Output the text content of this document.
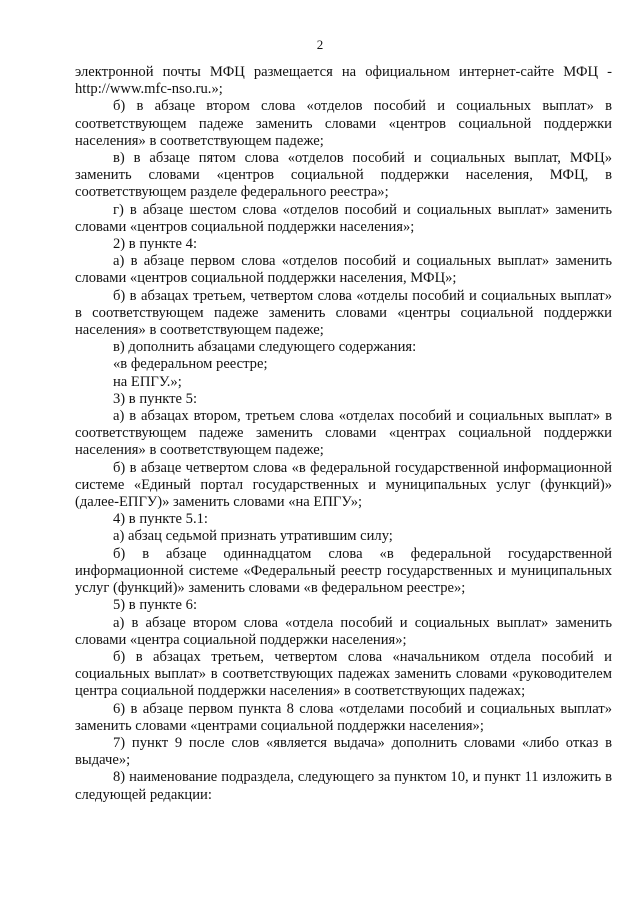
2

электронной почты МФЦ размещается на официальном интернет-сайте МФЦ - http://www.mfc-nso.ru.»;

б) в абзаце втором слова «отделов пособий и социальных выплат» в соответствующем падеже заменить словами «центров социальной поддержки населения» в соответствующем падеже;

в) в абзаце пятом слова «отделов пособий и социальных выплат, МФЦ» заменить словами «центров социальной поддержки населения, МФЦ, в соответствующем разделе федерального реестра»;

г) в абзаце шестом слова «отделов пособий и социальных выплат» заменить словами «центров социальной поддержки населения»;

2) в пункте 4:

а) в абзаце первом слова «отделов пособий и социальных выплат» заменить словами «центров социальной поддержки населения, МФЦ»;

б) в абзацах третьем, четвертом слова «отделы пособий и социальных выплат» в соответствующем падеже заменить словами «центры социальной поддержки населения» в соответствующем падеже;

в) дополнить абзацами следующего содержания:

«в федеральном реестре;

на ЕПГУ.»;

3) в пункте 5:

а) в абзацах втором, третьем слова «отделах пособий и социальных выплат» в соответствующем падеже заменить словами «центрах социальной поддержки населения» в соответствующем падеже;

б) в абзаце четвертом слова «в федеральной государственной информационной системе «Единый портал государственных и муниципальных услуг (функций)» (далее-ЕПГУ)» заменить словами «на ЕПГУ»;

4) в пункте 5.1:

а) абзац седьмой признать утратившим силу;

б) в абзаце одиннадцатом слова «в федеральной государственной информационной системе «Федеральный реестр государственных и муниципальных услуг (функций)» заменить словами «в федеральном реестре»;

5) в пункте 6:

а) в абзаце втором слова «отдела пособий и социальных выплат» заменить словами «центра социальной поддержки населения»;

б) в абзацах третьем, четвертом слова «начальником отдела пособий и социальных выплат» в соответствующих падежах заменить словами «руководителем центра социальной поддержки населения» в соответствующих падежах;

6) в абзаце первом пункта 8 слова «отделами пособий и социальных выплат» заменить словами «центрами социальной поддержки населения»;

7) пункт 9 после слов «является выдача» дополнить словами «либо отказ в выдаче»;

8) наименование подраздела, следующего за пунктом 10, и пункт 11 изложить в следующей редакции:
